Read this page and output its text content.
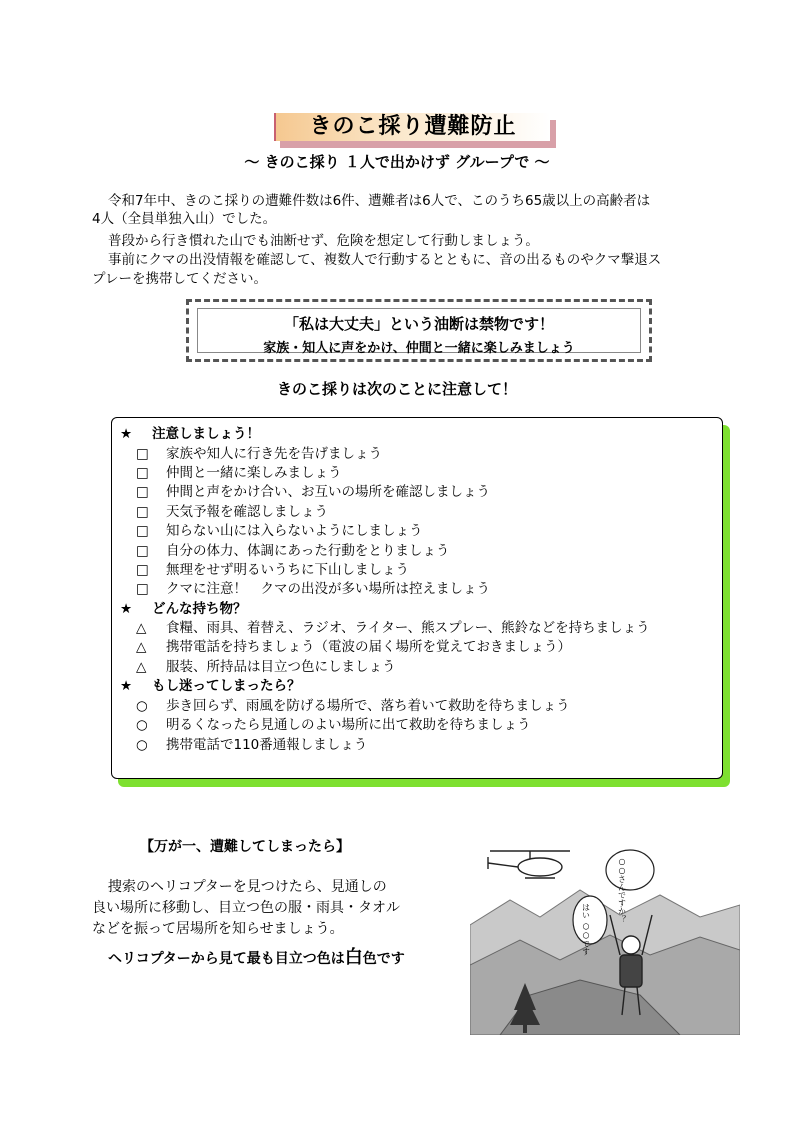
きのこ採り遭難防止
～ きのこ採り １人で出かけず グループで ～
令和7年中、きのこ採りの遭難件数は6件、遭難者は6人で、このうち65歳以上の高齢者は
4人（全員単独入山）でした。
普段から行き慣れた山でも油断せず、危険を想定して行動しましょう。
事前にクマの出没情報を確認して、複数人で行動するとともに、音の出るものやクマ撃退ス
プレーを携帯してください。
「私は大丈夫」という油断は禁物です！
家族・知人に声をかけ、仲間と一緒に楽しみましょう
きのこ採りは次のことに注意して！
★ 注意しましょう！
□ 家族や知人に行き先を告げましょう
□ 仲間と一緒に楽しみましょう
□ 仲間と声をかけ合い、お互いの場所を確認しましょう
□ 天気予報を確認しましょう
□ 知らない山には入らないようにしましょう
□ 自分の体力、体調にあった行動をとりましょう
□ 無理をせず明るいうちに下山しましょう
□ クマに注意！　クマの出没が多い場所は控えましょう
★ どんな持ち物？
△ 食糧、雨具、着替え、ラジオ、ライター、熊スプレー、熊鈴などを持ちましょう
△ 携帯電話を持ちましょう（電波の届く場所を覚えておきましょう）
△ 服装、所持品は目立つ色にしましょう
★ もし迷ってしまったら？
○ 歩き回らず、雨風を防げる場所で、落ち着いて救助を待ちましょう
○ 明るくなったら見通しのよい場所に出て救助を待ちましょう
○ 携帯電話で110番通報しましょう
【万が一、遭難してしまったら】
捜索のヘリコプターを見つけたら、見通しの
良い場所に移動し、目立つ色の服・雨具・タオル
などを振って居場所を知らせましょう。
ヘリコプターから見て最も目立つ色は白色です
○○さんですか？
はい ○○です
